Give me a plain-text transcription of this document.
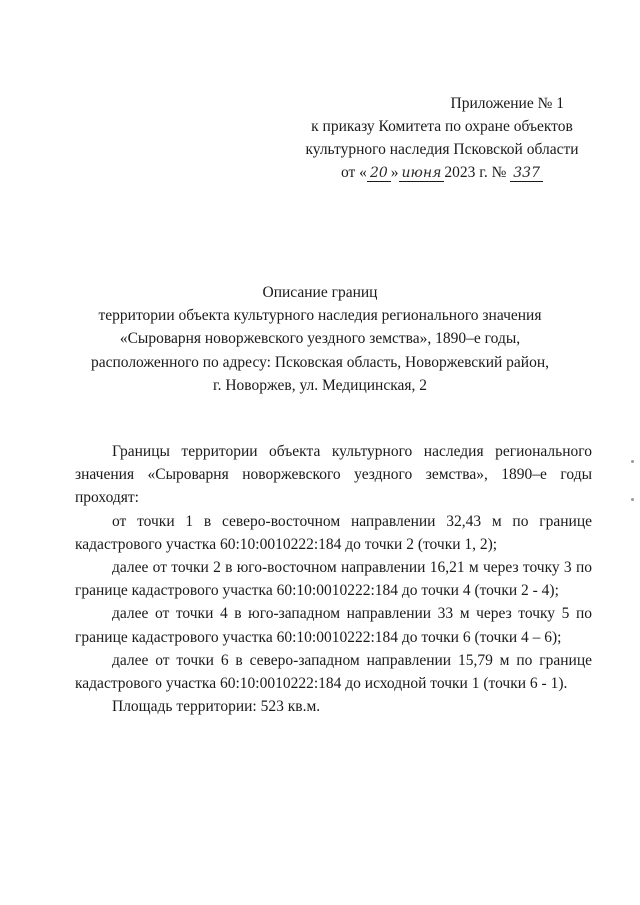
Приложение № 1
к приказу Комитета по охране объектов
культурного наследия Псковской области
от « 20 » июня 2023 г. № 337
Описание границ
территории объекта культурного наследия регионального значения
«Сыроварня новоржевского уездного земства», 1890–е годы,
расположенного по адресу: Псковская область, Новоржевский район,
г. Новоржев, ул. Медицинская, 2

Границы территории объекта культурного наследия регионального значения «Сыроварня новоржевского уездного земства», 1890–е годы проходят:

от точки 1 в северо-восточном направлении 32,43 м по границе кадастрового участка 60:10:0010222:184 до точки 2 (точки 1, 2);

далее от точки 2 в юго-восточном направлении 16,21 м через точку 3 по границе кадастрового участка 60:10:0010222:184 до точки 4 (точки 2 - 4);

далее от точки 4 в юго-западном направлении 33 м через точку 5 по границе кадастрового участка 60:10:0010222:184 до точки 6 (точки 4 – 6);

далее от точки 6 в северо-западном направлении 15,79 м по границе кадастрового участка 60:10:0010222:184 до исходной точки 1 (точки 6 - 1).

Площадь территории: 523 кв.м.
